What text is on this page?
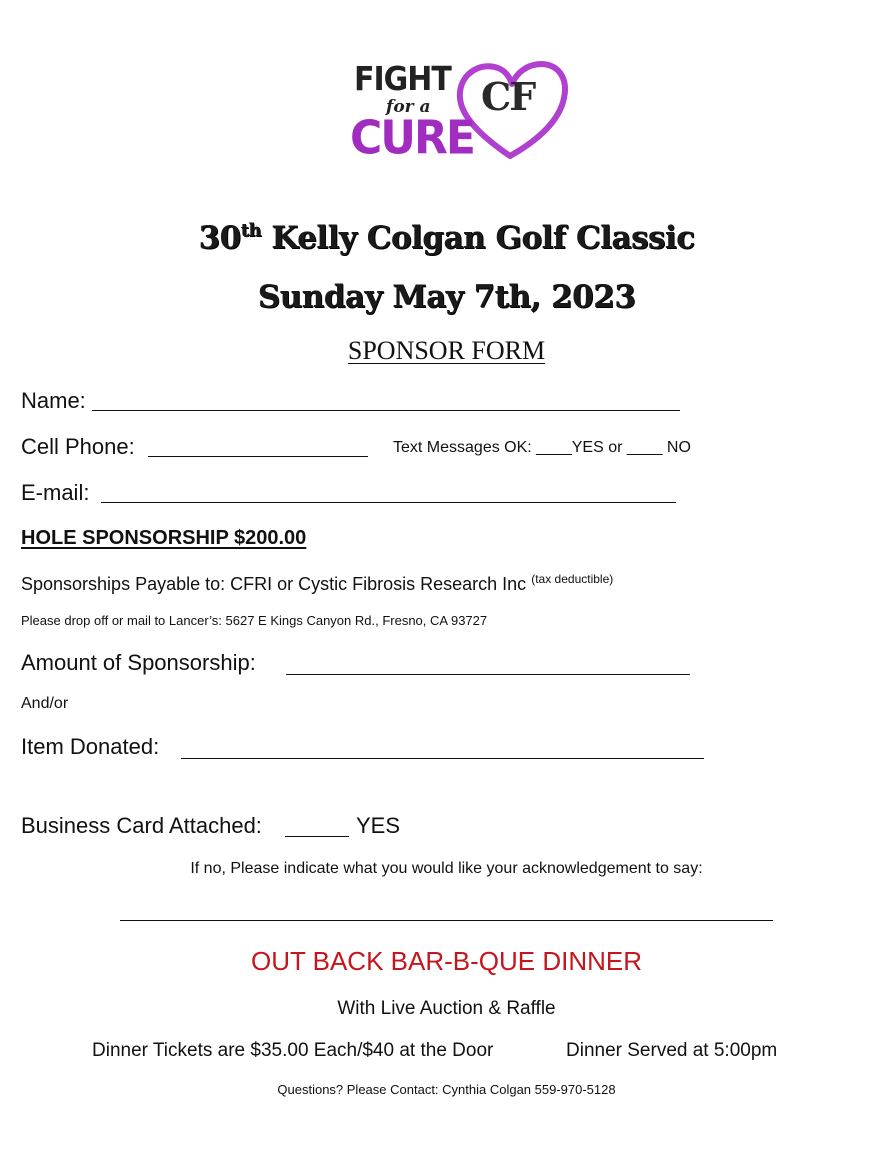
FIGHT
for a
CURE
CF
30th Kelly Colgan Golf Classic
Sunday May 7th, 2023
SPONSOR FORM
Name:
Cell Phone:	Text Messages OK: ____YES or ____ NO
E-mail:
HOLE SPONSORSHIP $200.00
Sponsorships Payable to: CFRI or Cystic Fibrosis Research Inc $^{(tax deductible)}$
Please drop off or mail to Lancer’s: 5627 E Kings Canyon Rd., Fresno, CA 93727
Amount of Sponsorship:
And/or
Item Donated:
Business Card Attached:	YES
If no, Please indicate what you would like your acknowledgement to say:
OUT BACK BAR-B-QUE DINNER
With Live Auction & Raffle
Dinner Tickets are $35.00 Each/$40 at the Door	Dinner Served at 5:00pm
Questions? Please Contact: Cynthia Colgan 559-970-5128
